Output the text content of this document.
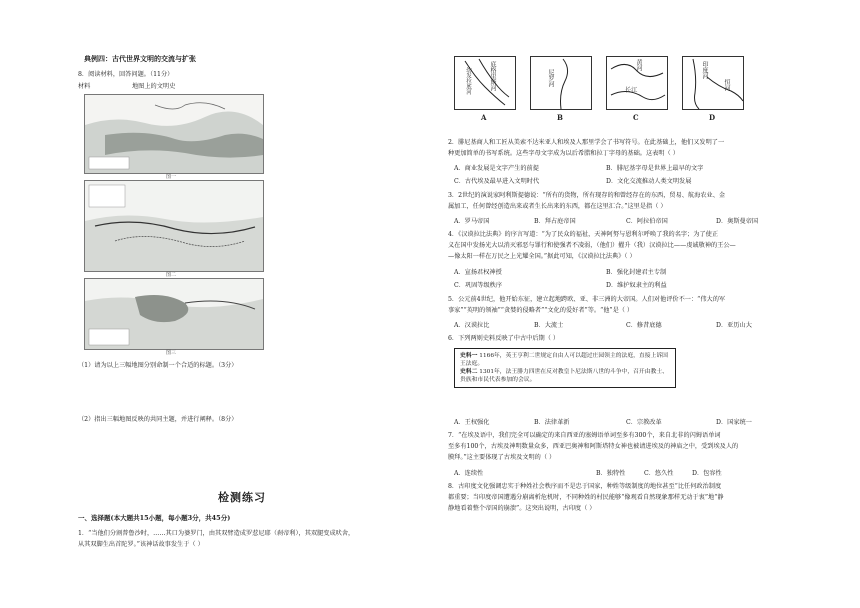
典例四：古代世界文明的交流与扩张
8．阅读材料，回答问题。（11分）
材料	地图上的文明史
图一
图二
图三
（1）请为以上三幅地图分别命制一个合适的标题。（3分）
（2）指出三幅地图反映的共同主题，并进行阐释。（8分）
检测练习
一、选择题(本大题共15小题，每小题3分，共45分)
1．“当他们分割普鲁沙时，……其口为婆罗门，由其双臂造成罗惹尼耶（刹帝利），其双腿变成吠舍，
从其双脚生出首陀罗。”该神话故事发生于（ ）
底格里斯河
幼发拉底河
A
尼罗河
B
黄河
长江
C
印度河
恒河
D
2．腓尼基商人和工匠从美索不达米亚人和埃及人那里学会了书写符号。在此基础上，他们又发明了一
种更加简单的书写系统。这些字母文字成为以后希腊和拉丁字母的基础。这表明（ ）
A．商业发展是文字产生的前提	B．腓尼基字母是世界上最早的文字
C．古代埃及最早进入文明时代	D．文化交流推动人类文明发展
3．2世纪的演说家阿利斯提德说：“所有的货物，所有现存的和曾经存在的东西，贸易、航海农业、金
属加工，任何曾经创造出来或者生长出来的东西，都在这里汇合。”这里是指（ ）
A．罗马帝国	B．拜占庭帝国	C．阿拉伯帝国	D．奥斯曼帝国
4．《汉谟拉比法典》的序言写道：“为了民众的福祉，天神阿努与恩利尔呼唤了我的名字；为了使正
义在国中发扬光大以消灭邪恶与罪行和使强者不凌弱，（他们）擢升（我）汉谟拉比——虔诚敬神的王公—
—像太阳一样在万民之上光耀全国。”据此可知，《汉谟拉比法典》（ ）
A．宣扬君权神授	B．强化封建君主专制
C．巩固等级秩序	D．维护奴隶主的利益
5．公元前4世纪，他开始东征，建立起地跨欧、亚、非三洲的大帝国。人们对他评价不一：“伟大的军
事家”“英明的领袖”“贪婪的侵略者”“文化的爱好者”等。“他”是（ ）
A．汉谟拉比	B．大流士	C．修昔底德	D．亚历山大
6．下列两则史料反映了中古中后期（ ）
史料一 1166年，英王亨利二世规定自由人可以超过庄园领主的法庭，直接上诉国王法庭。
史料二 1301年，法王腓力四世在反对教皇卜尼法斯八世的斗争中，召开由教士、贵族和市民代表参加的会议。
A．王权强化	B．法律革新	C．宗教改革	D．国家统一
7．“在埃及语中，我们完全可以确定的来自西亚的塞姆语单词至多有300个，来自北非的闪姆语单词
至多有100个，古埃及神明数量众多，西亚巴奥神和阿斯塔特女神也被请进埃及的神庙之中，受到埃及人的
膜拜。”这主要体现了古埃及文明的（ ）
A．连续性	B．独特性	C．悠久性	D．包容性
8．古印度文化强调忠实于种姓社会秩序而不是忠于国家，种姓等级制度的地位甚至“比任何政治制度
都重要；当印度帝国遭遇分崩离析危机时，不同种姓的村民能够“像观看自然现象那样无动于衷”地“静
静地看着整个帝国的崩溃”。这突出说明，古印度（ ）
